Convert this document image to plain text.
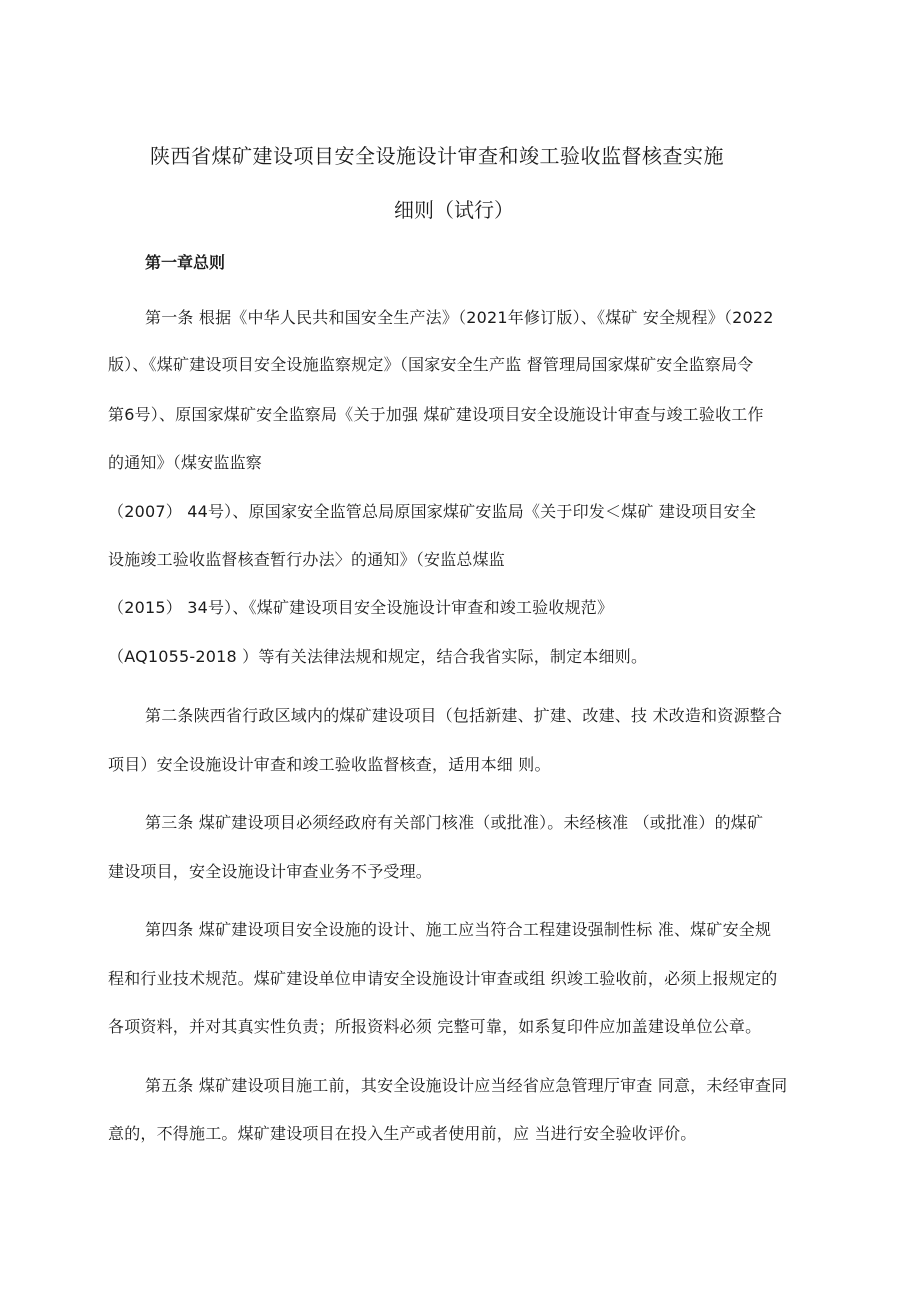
陕西省煤矿建设项目安全设施设计审查和竣工验收监督核查实施
细则（试行）
第一章总则
第一条 根据《中华人民共和国安全生产法》（2021年修订版）、《煤矿 安全规程》（2022
版）、《煤矿建设项目安全设施监察规定》（国家安全生产监 督管理局国家煤矿安全监察局令
第6号）、原国家煤矿安全监察局《关于加强 煤矿建设项目安全设施设计审查与竣工验收工作
的通知》（煤安监监察
（2007） 44号）、原国家安全监管总局原国家煤矿安监局《关于印发＜煤矿 建设项目安全
设施竣工验收监督核查暂行办法〉的通知》（安监总煤监
（2015） 34号）、《煤矿建设项目安全设施设计审查和竣工验收规范》
（AQ1055-2018 ）等有关法律法规和规定，结合我省实际，制定本细则。
第二条陕西省行政区域内的煤矿建设项目（包括新建、扩建、改建、技 术改造和资源整合
项目）安全设施设计审查和竣工验收监督核查，适用本细 则。
第三条 煤矿建设项目必须经政府有关部门核准（或批准）。未经核准 （或批准）的煤矿
建设项目，安全设施设计审查业务不予受理。
第四条 煤矿建设项目安全设施的设计、施工应当符合工程建设强制性标 准、煤矿安全规
程和行业技术规范。煤矿建设单位申请安全设施设计审查或组 织竣工验收前，必须上报规定的
各项资料，并对其真实性负责；所报资料必须 完整可靠，如系复印件应加盖建设单位公章。
第五条 煤矿建设项目施工前，其安全设施设计应当经省应急管理厅审查 同意，未经审查同
意的，不得施工。煤矿建设项目在投入生产或者使用前，应 当进行安全验收评价。
